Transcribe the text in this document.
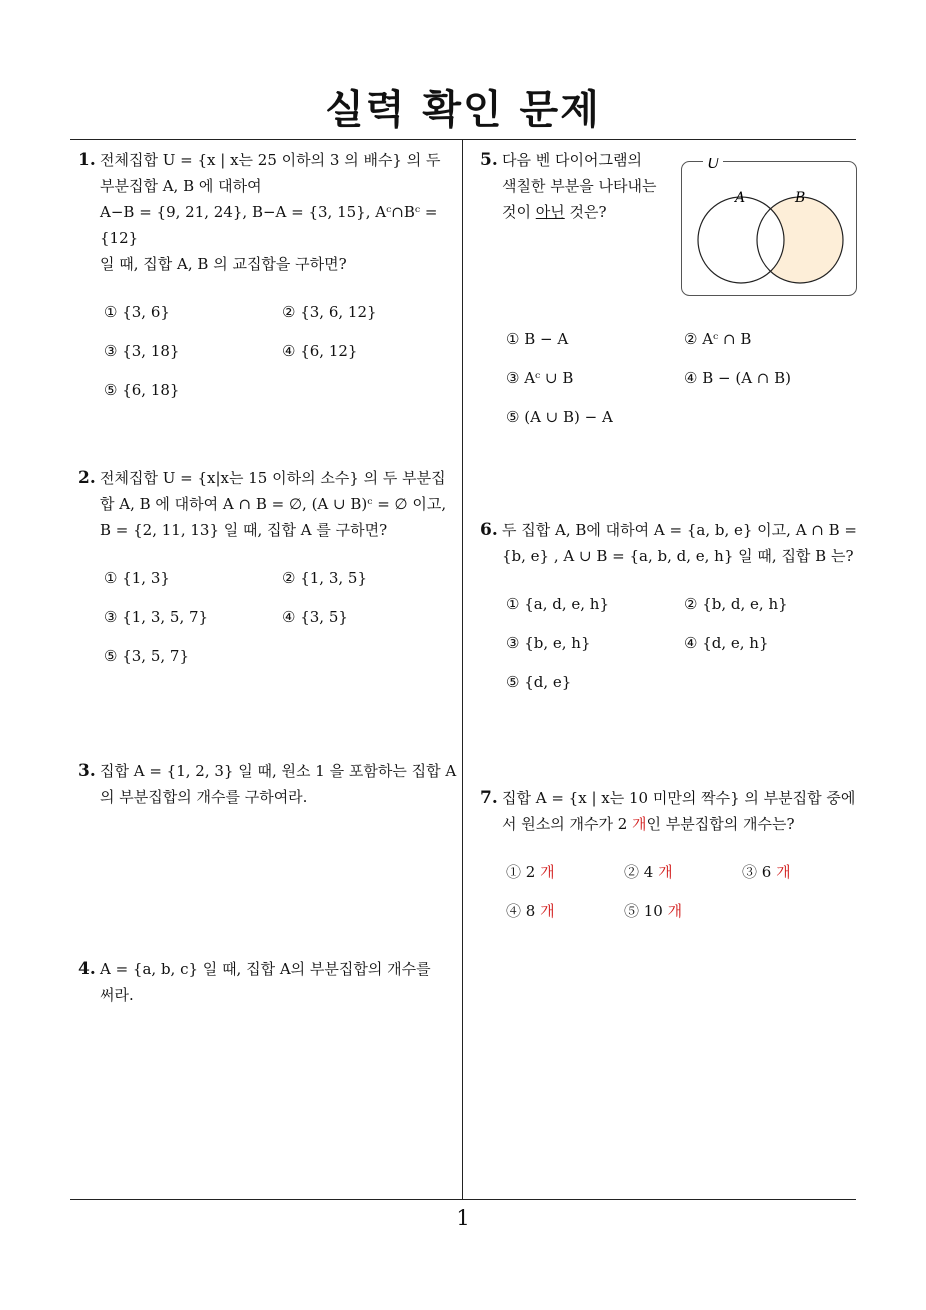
실력 확인 문제
1
1. 전체집합 U = {x | x는 25 이하의 3 의 배수} 의 두
부분집합 A, B 에 대하여
A−B = {9, 21, 24}, B−A = {3, 15}, Aᶜ∩Bᶜ = {12}
일 때, 집합 A, B 의 교집합을 구하면?
① {3, 6}	② {3, 6, 12}
③ {3, 18}	④ {6, 12}
⑤ {6, 18}
2. 전체집합 U = {x|x는 15 이하의 소수} 의 두 부분집
합 A, B 에 대하여 A ∩ B = ∅, (A ∪ B)ᶜ = ∅ 이고,
B = {2, 11, 13} 일 때, 집합 A 를 구하면?
① {1, 3}	② {1, 3, 5}
③ {1, 3, 5, 7}	④ {3, 5}
⑤ {3, 5, 7}
3. 집합 A = {1, 2, 3} 일 때, 원소 1 을 포함하는 집합 A
의 부분집합의 개수를 구하여라.
4. A = {a, b, c} 일 때, 집합 A의 부분집합의 개수를
써라.
5. 다음 벤 다이어그램의
색칠한 부분을 나타내는
것이 아닌 것은?
U
A	B
① B − A	② Aᶜ ∩ B
③ Aᶜ ∪ B	④ B − (A ∩ B)
⑤ (A ∪ B) − A
6. 두 집합 A, B에 대하여 A = {a, b, e} 이고, A ∩ B =
{b, e} , A ∪ B = {a, b, d, e, h} 일 때, 집합 B 는?
① {a, d, e, h}	② {b, d, e, h}
③ {b, e, h}	④ {d, e, h}
⑤ {d, e}
7. 집합 A = {x | x는 10 미만의 짝수} 의 부분집합 중에
서 원소의 개수가 2 개인 부분집합의 개수는?
① 2 개	② 4 개	③ 6 개
④ 8 개	⑤ 10 개
